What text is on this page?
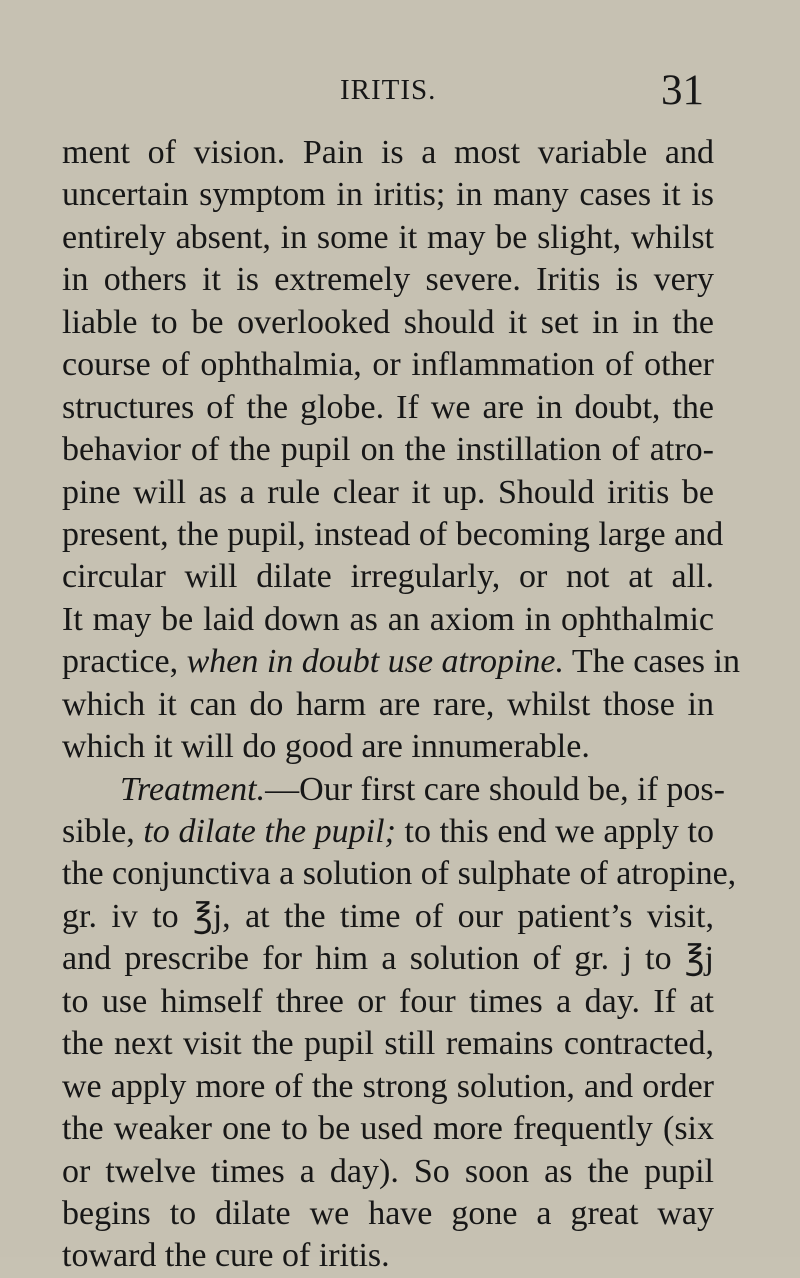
IRITIS.	31
ment of vision. Pain is a most variable and
uncertain symptom in iritis; in many cases it is
entirely absent, in some it may be slight, whilst
in others it is extremely severe. Iritis is very
liable to be overlooked should it set in in the
course of ophthalmia, or inflammation of other
structures of the globe. If we are in doubt, the
behavior of the pupil on the instillation of atro-
pine will as a rule clear it up. Should iritis be
present, the pupil, instead of becoming large and
circular will dilate irregularly, or not at all.
It may be laid down as an axiom in ophthalmic
practice, when in doubt use atropine. The cases in
which it can do harm are rare, whilst those in
which it will do good are innumerable.
Treatment.—Our first care should be, if pos-
sible, to dilate the pupil; to this end we apply to
the conjunctiva a solution of sulphate of atropine,
gr. iv to ℥j, at the time of our patient’s visit,
and prescribe for him a solution of gr. j to ℥j
to use himself three or four times a day. If at
the next visit the pupil still remains contracted,
we apply more of the strong solution, and order
the weaker one to be used more frequently (six
or twelve times a day). So soon as the pupil
begins to dilate we have gone a great way
toward the cure of iritis.
